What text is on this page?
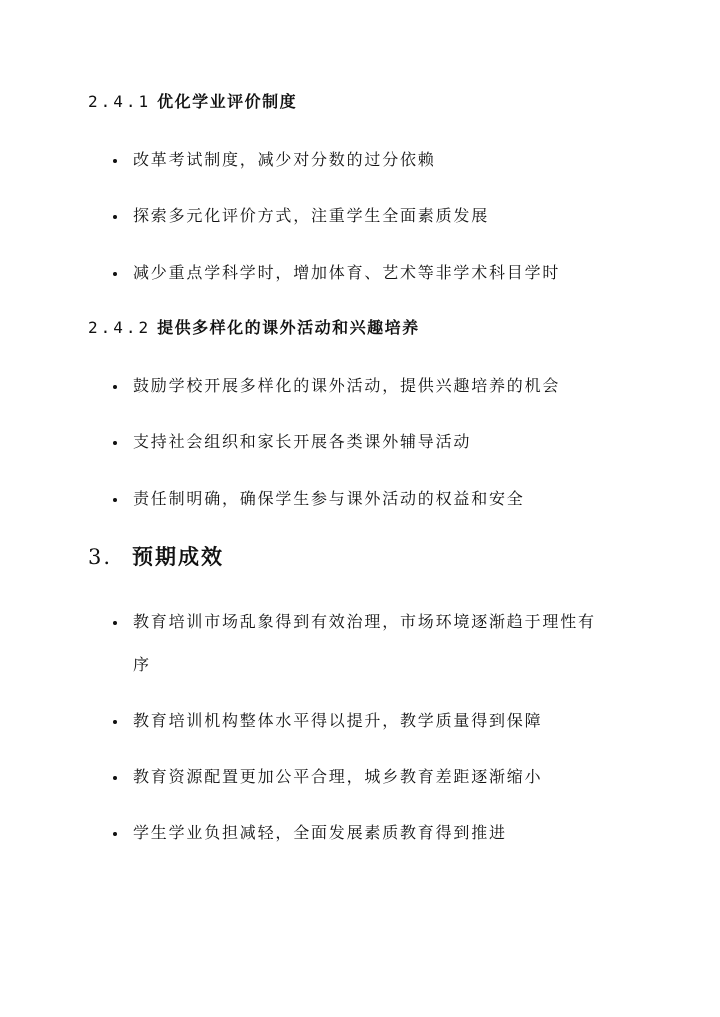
2.4.1 优化学业评价制度
改革考试制度，减少对分数的过分依赖
探索多元化评价方式，注重学生全面素质发展
减少重点学科学时，增加体育、艺术等非学术科目学时
2.4.2 提供多样化的课外活动和兴趣培养
鼓励学校开展多样化的课外活动，提供兴趣培养的机会
支持社会组织和家长开展各类课外辅导活动
责任制明确，确保学生参与课外活动的权益和安全
3. 预期成效
教育培训市场乱象得到有效治理，市场环境逐渐趋于理性有
序
教育培训机构整体水平得以提升，教学质量得到保障
教育资源配置更加公平合理，城乡教育差距逐渐缩小
学生学业负担减轻，全面发展素质教育得到推进
